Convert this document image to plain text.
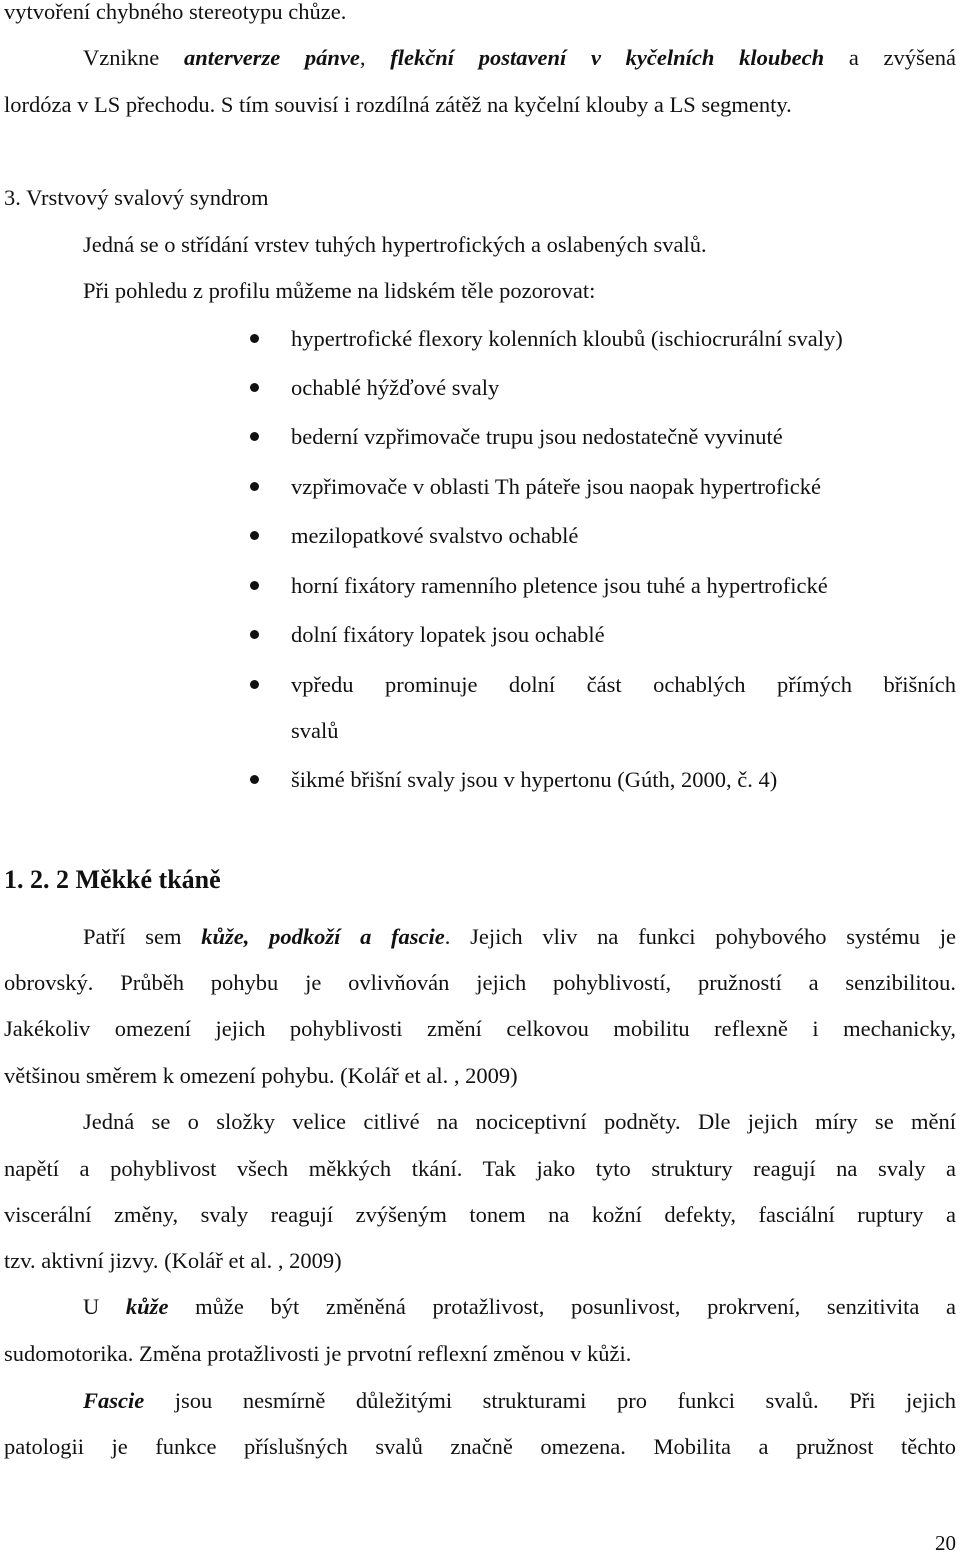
vytvoření chybného stereotypu chůze.
Vznikne anterverze pánve, flekční postavení v kyčelních kloubech a zvýšená
lordóza v LS přechodu. S tím souvisí i rozdílná zátěž na kyčelní klouby a LS segmenty.
3. Vrstvový svalový syndrom
Jedná se o střídání vrstev tuhých hypertrofických a oslabených svalů.
Při pohledu z profilu můžeme na lidském těle pozorovat:
hypertrofické flexory kolenních kloubů (ischiocrurální svaly)
ochablé hýžďové svaly
bederní vzpřimovače trupu jsou nedostatečně vyvinuté
vzpřimovače v oblasti Th páteře jsou naopak hypertrofické
mezilopatkové svalstvo ochablé
horní fixátory ramenního pletence jsou tuhé a hypertrofické
dolní fixátory lopatek jsou ochablé
vpředu prominuje dolní část ochablých přímých břišních
svalů
šikmé břišní svaly jsou v hypertonu (Gúth, 2000, č. 4)
1. 2. 2 Měkké tkáně
Patří sem kůže, podkoží a fascie. Jejich vliv na funkci pohybového systému je
obrovský. Průběh pohybu je ovlivňován jejich pohyblivostí, pružností a senzibilitou.
Jakékoliv omezení jejich pohyblivosti změní celkovou mobilitu reflexně i mechanicky,
většinou směrem k omezení pohybu. (Kolář et al. , 2009)
Jedná se o složky velice citlivé na nociceptivní podněty. Dle jejich míry se mění
napětí a pohyblivost všech měkkých tkání. Tak jako tyto struktury reagují na svaly a
viscerální změny, svaly reagují zvýšeným tonem na kožní defekty, fasciální ruptury a
tzv. aktivní jizvy. (Kolář et al. , 2009)
U kůže může být změněná protažlivost, posunlivost, prokrvení, senzitivita a
sudomotorika. Změna protažlivosti je prvotní reflexní změnou v kůži.
Fascie jsou nesmírně důležitými strukturami pro funkci svalů. Při jejich
patologii je funkce příslušných svalů značně omezena. Mobilita a pružnost těchto
20
